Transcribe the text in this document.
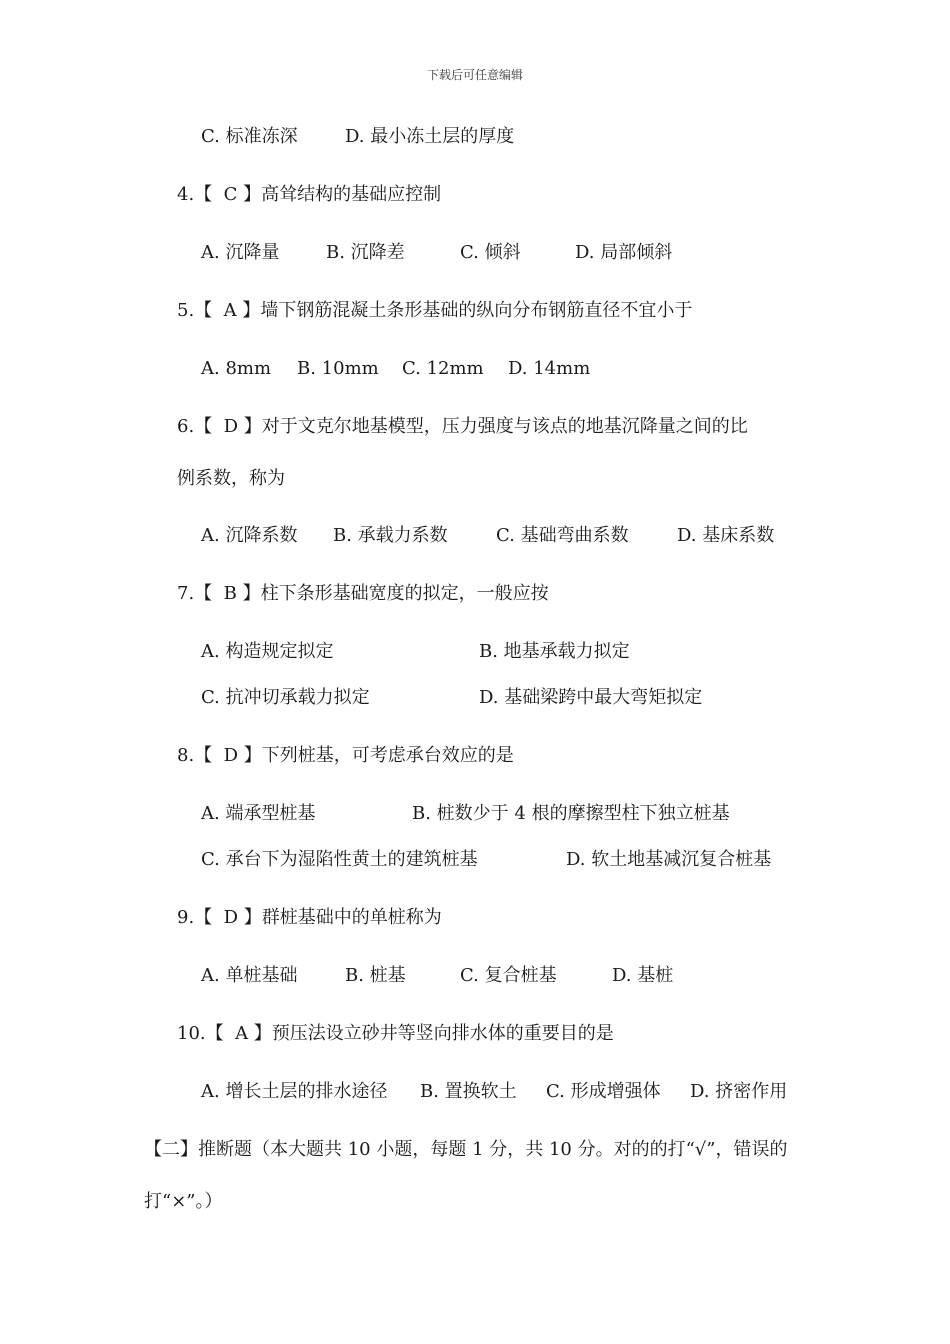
下载后可任意编辑
C. 标准冻深	D. 最小冻土层的厚度
4.【  C 】高耸结构的基础应控制
A. 沉降量	B. 沉降差	C. 倾斜	D. 局部倾斜
5.【  A 】墙下钢筋混凝土条形基础的纵向分布钢筋直径不宜小于
A. 8mm B. 10mm C. 12mm D. 14mm
6.【  D 】对于文克尔地基模型，压力强度与该点的地基沉降量之间的比
例系数，称为
A. 沉降系数 B. 承载力系数	C. 基础弯曲系数	D. 基床系数
7.【  B 】柱下条形基础宽度的拟定，一般应按
A. 构造规定拟定	B. 地基承载力拟定
C. 抗冲切承载力拟定	D. 基础梁跨中最大弯矩拟定
8.【  D 】下列桩基，可考虑承台效应的是
A. 端承型桩基	B. 桩数少于 4 根的摩擦型柱下独立桩基
C. 承台下为湿陷性黄土的建筑桩基	D. 软土地基减沉复合桩基
9.【  D 】群桩基础中的单桩称为
A. 单桩基础	B. 桩基	C. 复合桩基	D. 基桩
10.【  A 】预压法设立砂井等竖向排水体的重要目的是
A. 增长土层的排水途径 B. 置换软土 C. 形成增强体 D. 挤密作用
【二】推断题（本大题共 10 小题，每题 1 分，共 10 分。对的的打“√”，错误的
打“×”。）
